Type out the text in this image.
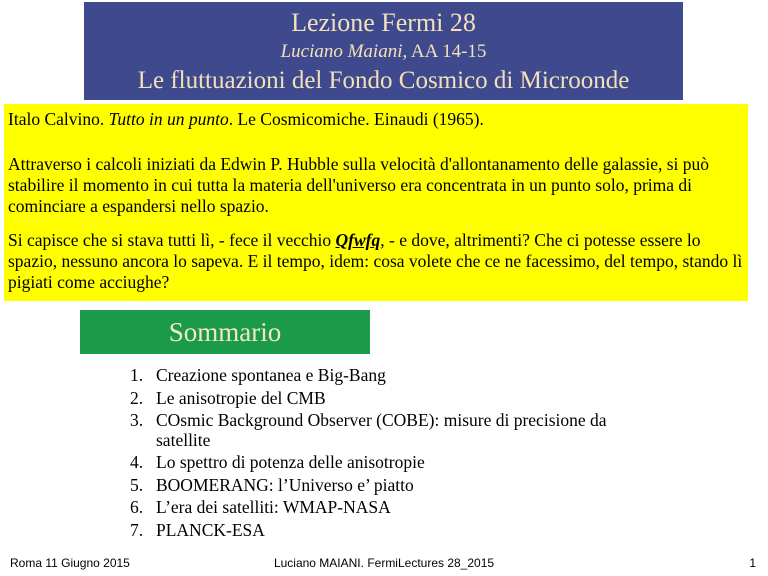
Lezione Fermi 28
Luciano Maiani, AA 14-15
Le fluttuazioni del Fondo Cosmico di Microonde

Italo Calvino. Tutto in un punto. Le Cosmicomiche. Einaudi (1965).

Attraverso i calcoli iniziati da Edwin P. Hubble sulla velocità d'allontanamento delle galassie, si può stabilire il momento in cui tutta la materia dell'universo era concentrata in un punto solo, prima di cominciare a espandersi nello spazio.

Si capisce che si stava tutti lì, - fece il vecchio Qfwfq, - e dove, altrimenti? Che ci potesse essere lo spazio, nessuno ancora lo sapeva. E il tempo, idem: cosa volete che ce ne facessimo, del tempo, stando lì pigiati come acciughe?

Sommario
1. Creazione spontanea e Big-Bang
2. Le anisotropie del CMB
3. COsmic Background Observer (COBE): misure di precisione da satellite
4. Lo spettro di potenza delle anisotropie
5. BOOMERANG: l’Universo e’ piatto
6. L’era dei satelliti: WMAP-NASA
7. PLANCK-ESA
Roma 11 Giugno 2015	Luciano MAIANI. FermiLectures 28_2015	1
